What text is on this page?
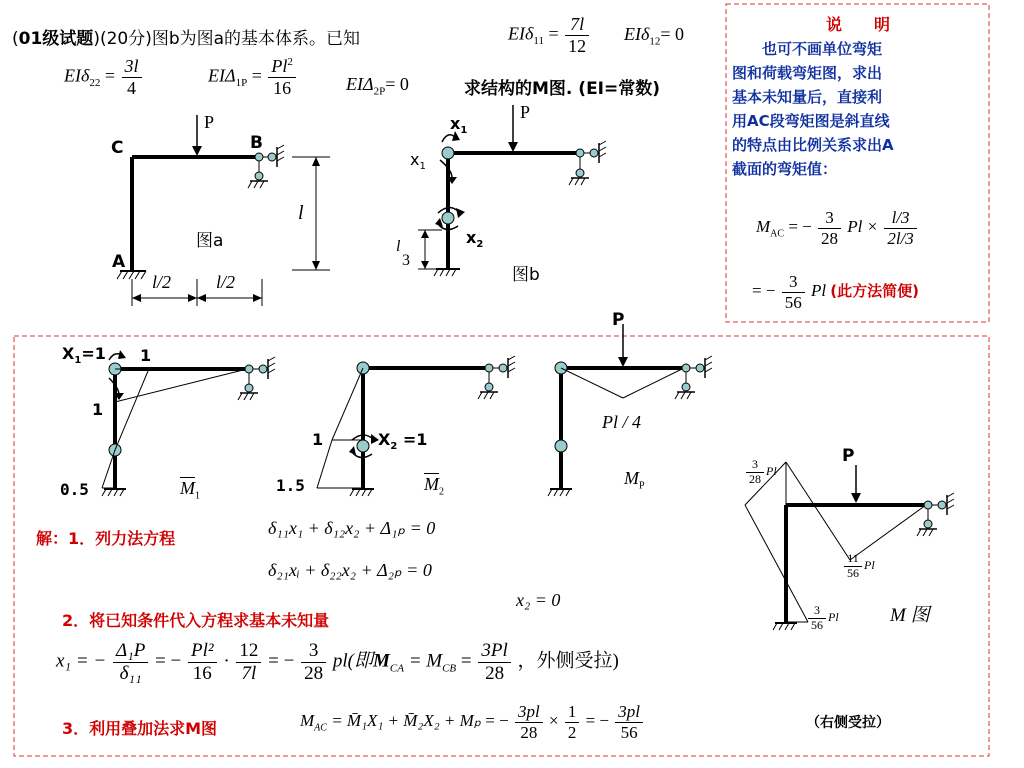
(01级试题)(20分)图b为图a的基本体系。已知	$EI\delta_{11} = \frac{7l}{12} EI\delta_{12}= 0$
$EI\delta_{22} = \frac{3l}{4}$	$EI\Delta_{1P} = \frac{Pl^2}{16}$	$EI\Delta_{2P}= 0$	求结构的M图. (EI=常数)
说　　明
也可不画单位弯矩
图和荷载弯矩图，求出
基本未知量后，直接利
用AC段弯矩图是斜直线
的特点由比例关系求出A
截面的弯矩值：
$M_{AC}$ = − $\frac{3}{28}$ $Pl \times \frac{l/3}{2l/3}$
= − $\frac{3}{56}$ Pl (此方法简便)
C	B
A
P
图a
l
l/2 l/2
$x_1$
$x_1$
$x_2$
P
l
3
图b
$X_1=1$ 1
1
0.5	$\overline{M}_1$
1	$X_2 =1$
1.5	$\overline{M}_2$
P
Pl / 4
$M_P$
P
$\frac{3}{28}$ Pl
$\frac{11}{56}$ Pl
$\frac{3}{56}$ Pl	M 图
解：1．列力法方程
δ₁₁x₁ + δ₁₂x₂ + Δ₁ₚ = 0
δ₂₁xᵢ + δ₂₂x₂ + Δ₂ₚ = 0
x₂ = 0
2．将已知条件代入方程求基本未知量
x₁ = − $\frac{\text{Δ₁P}}{\text{δ₁₁}}$ = − $\frac{\text{Pl²}}{16} \cdot \frac{12}{7l}$ = − $\frac{3}{28} pl$(即$M_{CA} = M_{CB} = \frac{3Pl}{28}$ ，外侧受拉)
3．利用叠加法求M图	$M_{AC}$ = M̄₁X₁ + M̄₂X₂ + Mₚ = − $\frac{3pl}{28} \times \frac{1}{2}$ = − $\frac{3pl}{56}$	（右侧受拉）
